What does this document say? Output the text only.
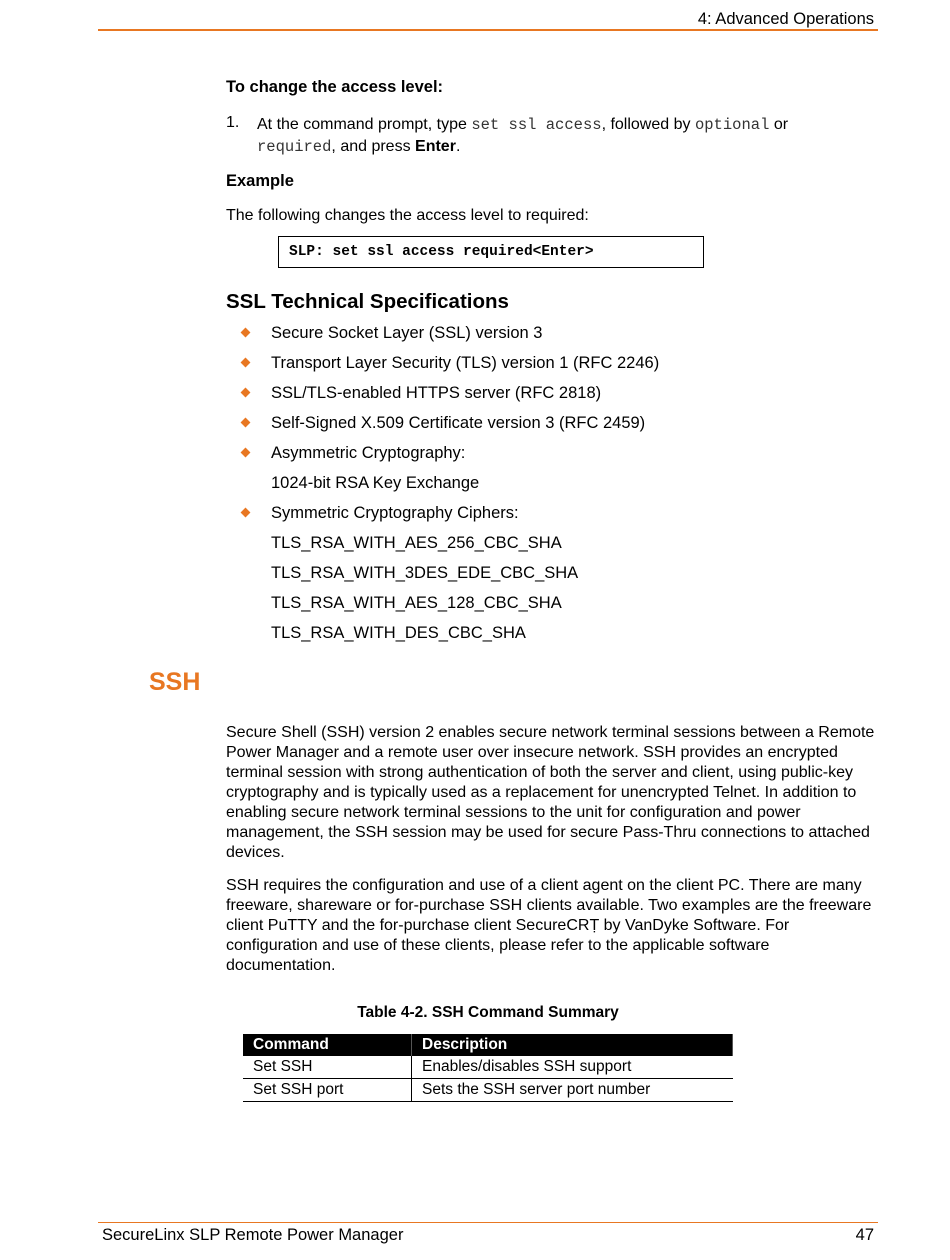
4: Advanced Operations
To change the access level:
1. At the command prompt, type set ssl access, followed by optional or
required, and press Enter.
Example
The following changes the access level to required:
SLP: set ssl access required<Enter>
SSL Technical Specifications
Secure Socket Layer (SSL) version 3
Transport Layer Security (TLS) version 1 (RFC 2246)
SSL/TLS-enabled HTTPS server (RFC 2818)
Self-Signed X.509 Certificate version 3 (RFC 2459)
Asymmetric Cryptography:
1024-bit RSA Key Exchange
Symmetric Cryptography Ciphers:
TLS_RSA_WITH_AES_256_CBC_SHA
TLS_RSA_WITH_3DES_EDE_CBC_SHA
TLS_RSA_WITH_AES_128_CBC_SHA
TLS_RSA_WITH_DES_CBC_SHA
SSH
Secure Shell (SSH) version 2 enables secure network terminal sessions between a Remote Power Manager and a remote user over insecure network. SSH provides an encrypted terminal session with strong authentication of both the server and client, using public-key cryptography and is typically used as a replacement for unencrypted Telnet. In addition to enabling secure network terminal sessions to the unit for configuration and power management, the SSH session may be used for secure Pass-Thru connections to attached devices.
SSH requires the configuration and use of a client agent on the client PC. There are many freeware, shareware or for-purchase SSH clients available. Two examples are the freeware client PuTTY and the for-purchase client SecureCRṬ by VanDyke Software. For configuration and use of these clients, please refer to the applicable software documentation.
Table 4-2. SSH Command Summary
Command	Description
Set SSH	Enables/disables SSH support
Set SSH port	Sets the SSH server port number
SecureLinx SLP Remote Power Manager	47
